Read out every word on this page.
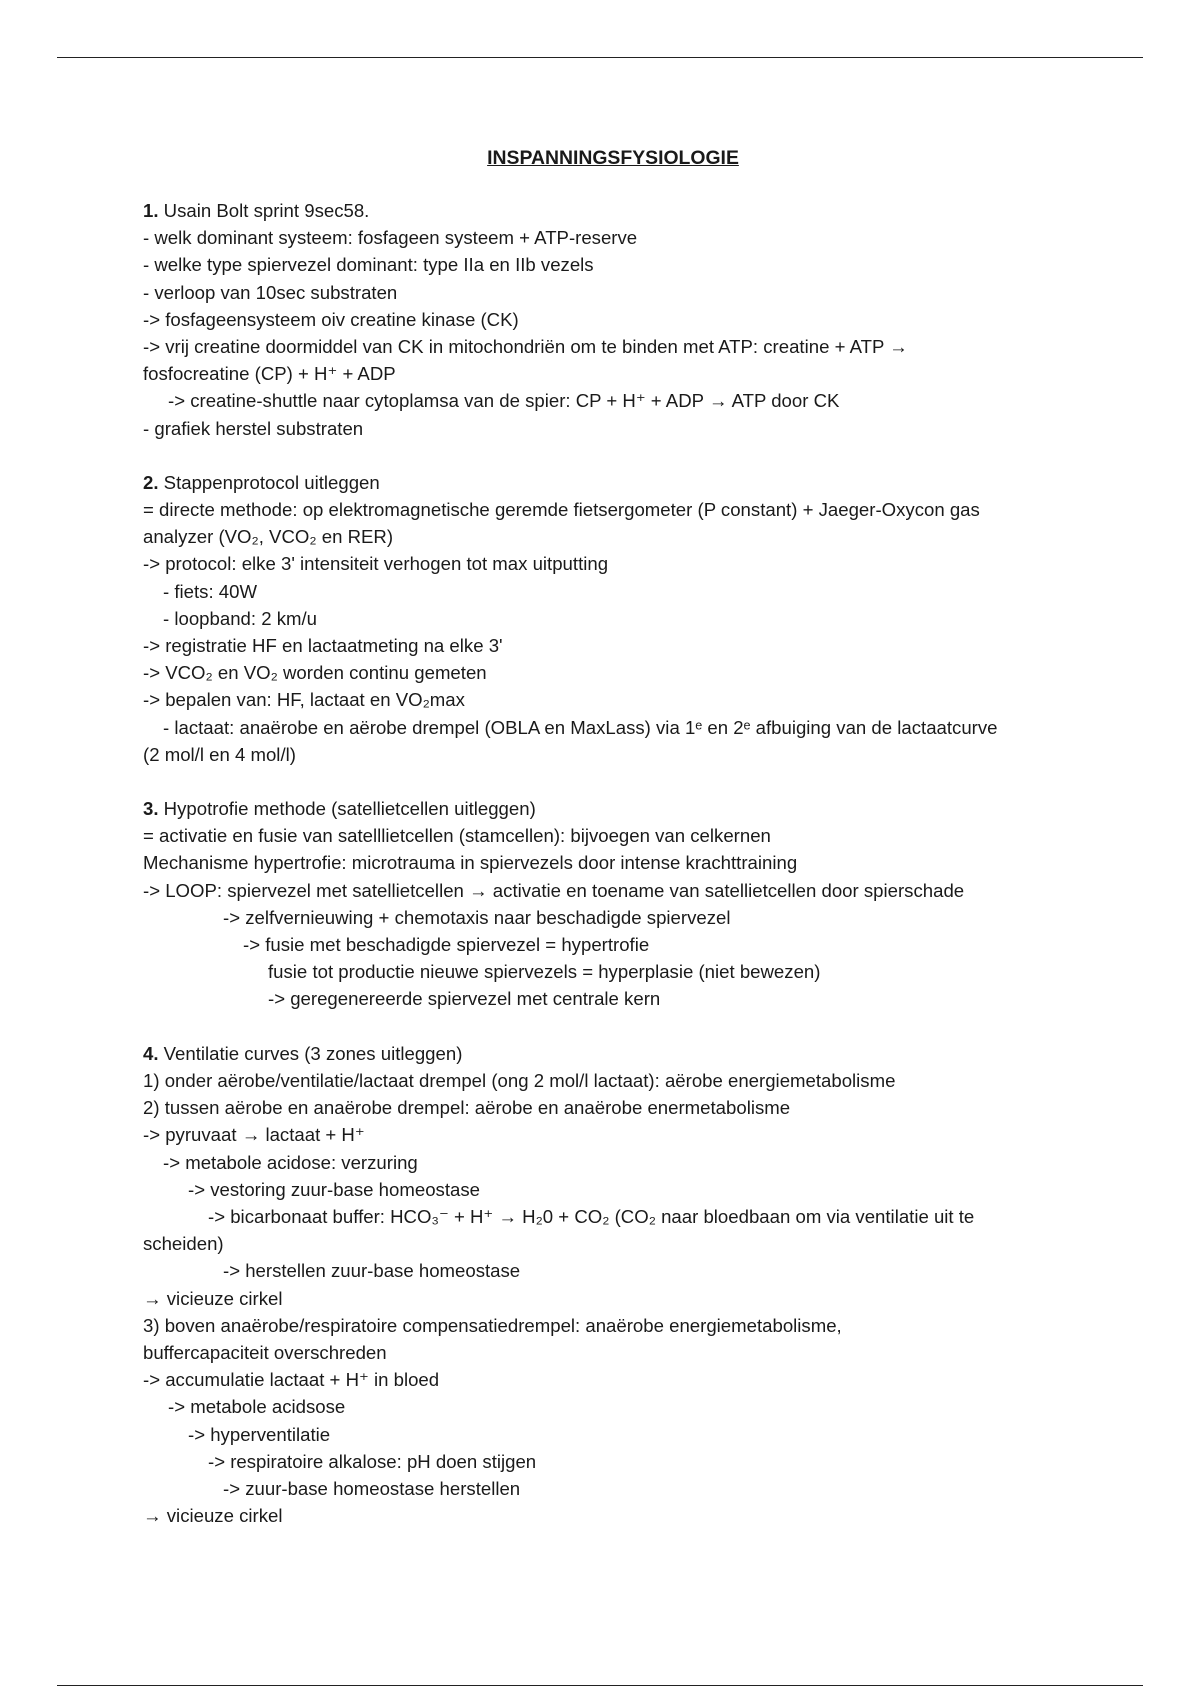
INSPANNINGSFYSIOLOGIE
1. Usain Bolt sprint 9sec58.
- welk dominant systeem: fosfageen systeem + ATP-reserve
- welke type spiervezel dominant: type IIa en IIb vezels
- verloop van 10sec substraten
-> fosfageensysteem oiv creatine kinase (CK)
-> vrij creatine doormiddel van CK in mitochondriën om te binden met ATP: creatine + ATP →
fosfocreatine (CP) + H⁺ + ADP
-> creatine-shuttle naar cytoplamsa van de spier: CP + H⁺ + ADP → ATP door CK
- grafiek herstel substraten
2. Stappenprotocol uitleggen
= directe methode: op elektromagnetische geremde fietsergometer (P constant) + Jaeger-Oxycon gas
analyzer (VO₂, VCO₂ en RER)
-> protocol: elke 3' intensiteit verhogen tot max uitputting
- fiets: 40W
- loopband: 2 km/u
-> registratie HF en lactaatmeting na elke 3'
-> VCO₂ en VO₂ worden continu gemeten
-> bepalen van: HF, lactaat en VO₂max
- lactaat: anaërobe en aërobe drempel (OBLA en MaxLass) via 1ᵉ en 2ᵉ afbuiging van de lactaatcurve
(2 mol/l en 4 mol/l)
3. Hypotrofie methode (satellietcellen uitleggen)
= activatie en fusie van satelllietcellen (stamcellen): bijvoegen van celkernen
Mechanisme hypertrofie: microtrauma in spiervezels door intense krachttraining
-> LOOP: spiervezel met satellietcellen → activatie en toename van satellietcellen door spierschade
-> zelfvernieuwing + chemotaxis naar beschadigde spiervezel
-> fusie met beschadigde spiervezel = hypertrofie
fusie tot productie nieuwe spiervezels = hyperplasie (niet bewezen)
-> geregenereerde spiervezel met centrale kern
4. Ventilatie curves (3 zones uitleggen)
1) onder aërobe/ventilatie/lactaat drempel (ong 2 mol/l lactaat): aërobe energiemetabolisme
2) tussen aërobe en anaërobe drempel: aërobe en anaërobe enermetabolisme
-> pyruvaat → lactaat + H⁺
-> metabole acidose: verzuring
-> vestoring zuur-base homeostase
-> bicarbonaat buffer: HCO₃⁻ + H⁺ → H₂0 + CO₂ (CO₂ naar bloedbaan om via ventilatie uit te
scheiden)
-> herstellen zuur-base homeostase
→ vicieuze cirkel
3) boven anaërobe/respiratoire compensatiedrempel: anaërobe energiemetabolisme,
buffercapaciteit overschreden
-> accumulatie lactaat + H⁺ in bloed
-> metabole acidsose
-> hyperventilatie
-> respiratoire alkalose: pH doen stijgen
-> zuur-base homeostase herstellen
→ vicieuze cirkel
